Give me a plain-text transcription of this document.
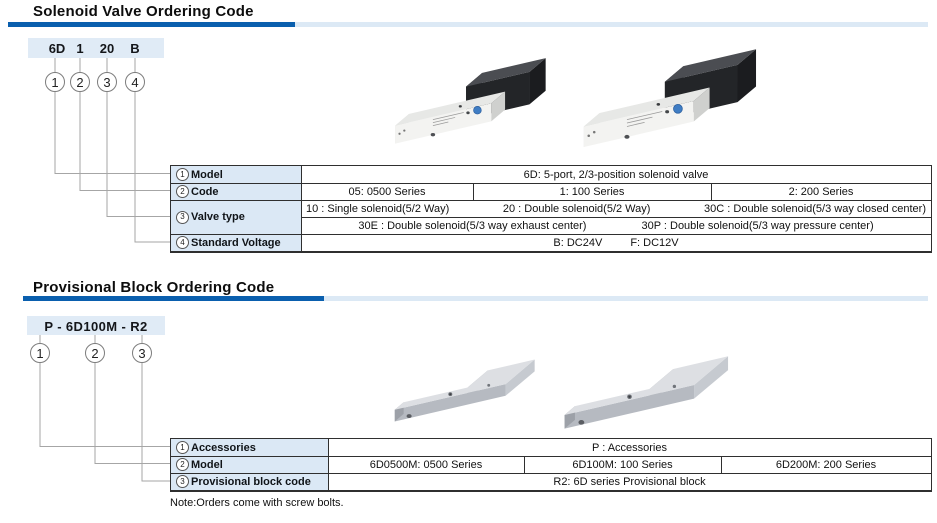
Solenoid Valve Ordering Code
6D 1 20 B
1	2	3	4
1 Model	6D: 5-port, 2/3-position solenoid valve
2 Code	05: 0500 Series	1: 100 Series	2: 200 Series
3 Valve type
10 : Single solenoid(5/2 Way)	20 : Double solenoid(5/2 Way)	30C : Double solenoid(5/3 way closed center)
30E : Double solenoid(5/3 way exhaust center)	30P : Double solenoid(5/3 way pressure center)
4 Standard Voltage	B: DC24V	F: DC12V
Provisional Block Ordering Code
P - 6D100M - R2
1	2	3
1 Accessories	P : Accessories
2 Model	6D0500M: 0500 Series	6D100M: 100 Series	6D200M: 200 Series
3 Provisional block code	R2: 6D series Provisional block
Note:Orders come with screw bolts.
